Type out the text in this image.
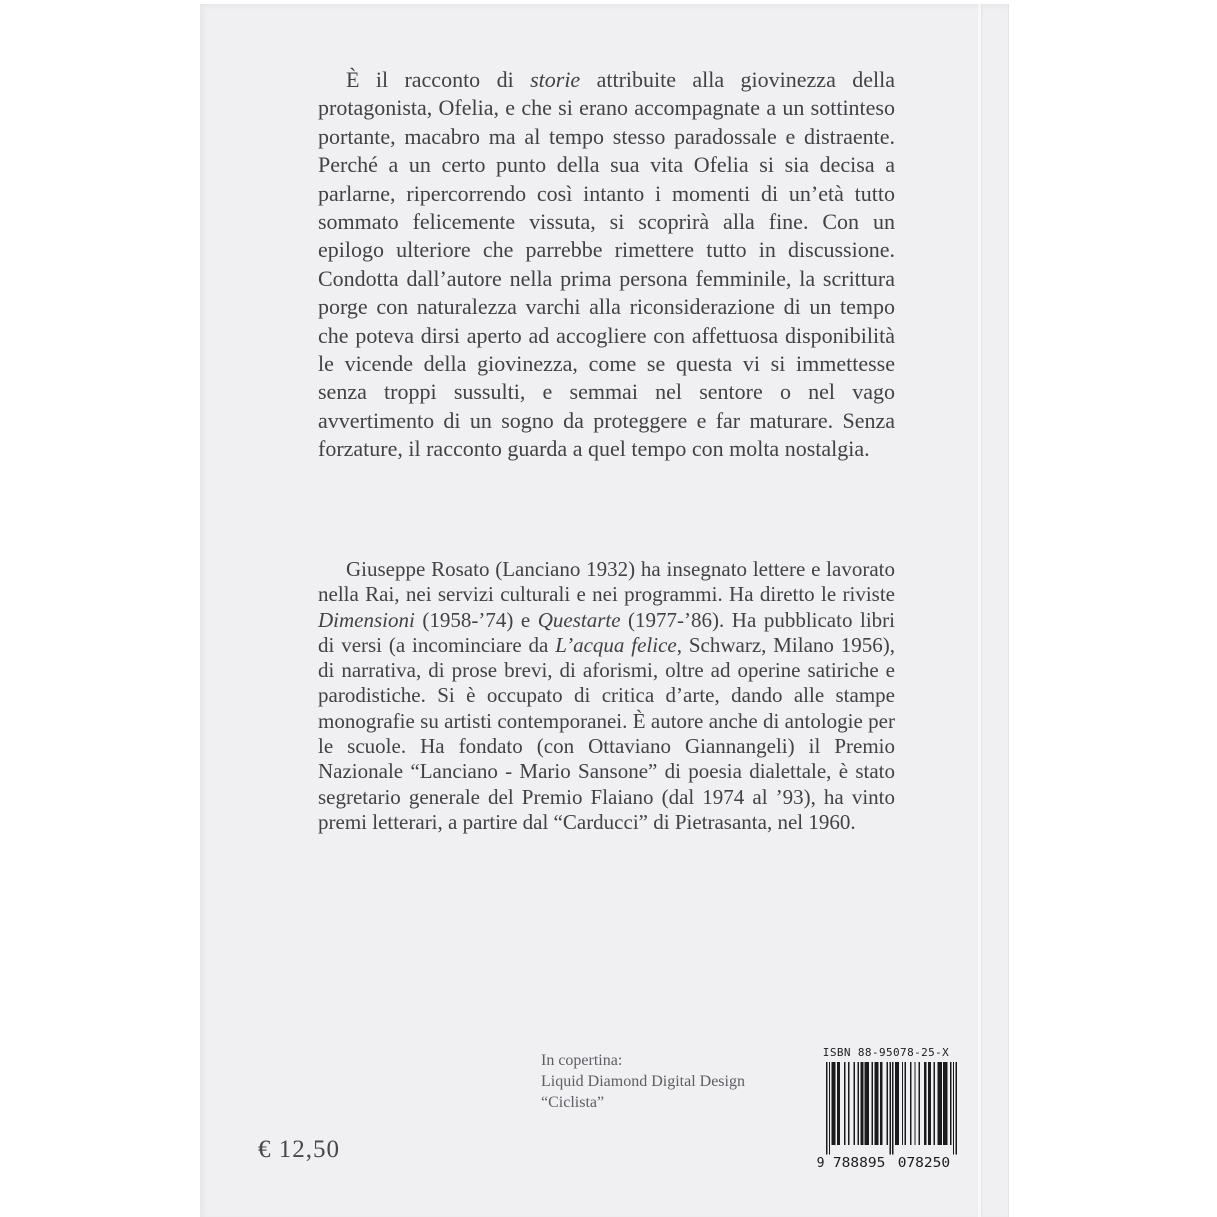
È il racconto di storie attribuite alla giovinezza della protagonista, Ofelia, e che si erano accompagnate a un sottinteso portante, macabro ma al tempo stesso paradossale e distraente. Perché a un certo punto della sua vita Ofelia si sia decisa a parlarne, ripercorrendo così intanto i momenti di un’età tutto sommato felicemente vissuta, si scoprirà alla fine. Con un epilogo ulteriore che parrebbe rimettere tutto in discussione. Condotta dall’autore nella prima persona femminile, la scrittura porge con naturalezza varchi alla riconsiderazione di un tempo che poteva dirsi aperto ad accogliere con affettuosa disponibilità le vicende della giovinezza, come se questa vi si immettesse senza troppi sussulti, e semmai nel sentore o nel vago avvertimento di un sogno da proteggere e far maturare. Senza forzature, il racconto guarda a quel tempo con molta nostalgia.

Giuseppe Rosato (Lanciano 1932) ha insegnato lettere e lavorato nella Rai, nei servizi culturali e nei programmi. Ha diretto le riviste Dimensioni (1958-’74) e Questarte (1977-’86). Ha pubblicato libri di versi (a incominciare da L’acqua felice, Schwarz, Milano 1956), di narrativa, di prose brevi, di aforismi, oltre ad operine satiriche e parodistiche. Si è occupato di critica d’arte, dando alle stampe monografie su artisti contemporanei. È autore anche di antologie per le scuole. Ha fondato (con Ottaviano Giannangeli) il Premio Nazionale “Lanciano - Mario Sansone” di poesia dialettale, è stato segretario generale del Premio Flaiano (dal 1974 al ’93), ha vinto premi letterari, a partire dal “Carducci” di Pietrasanta, nel 1960.

In copertina:
Liquid Diamond Digital Design
“Ciclista”
€ 12,50
ISBN 88-95078-25-X
9 788895 078250
